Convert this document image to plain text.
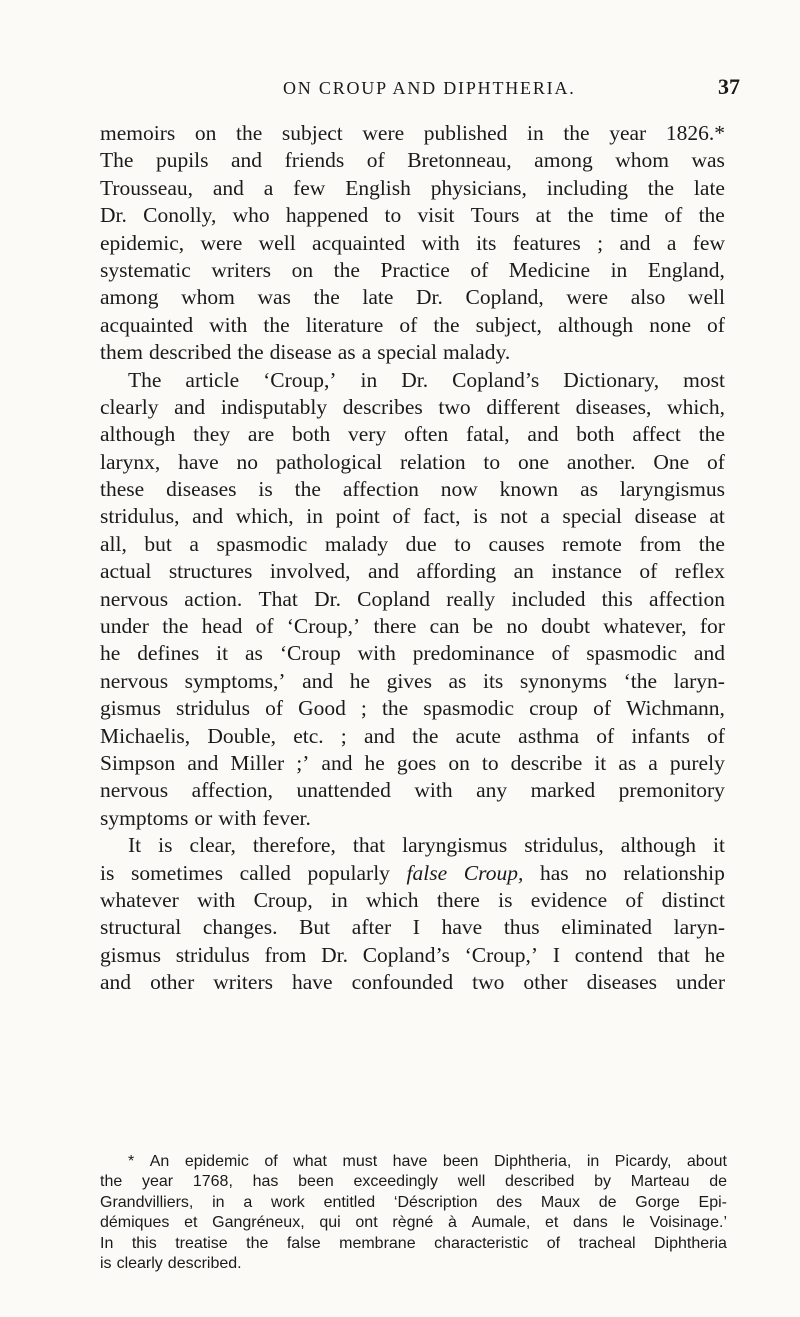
ON CROUP AND DIPHTHERIA.	37
memoirs on the subject were published in the year 1826.*
The pupils and friends of Bretonneau, among whom was
Trousseau, and a few English physicians, including the late
Dr. Conolly, who happened to visit Tours at the time of the
epidemic, were well acquainted with its features ; and a few
systematic writers on the Practice of Medicine in England,
among whom was the late Dr. Copland, were also well
acquainted with the literature of the subject, although none of
them described the disease as a special malady.
The article ‘Croup,’ in Dr. Copland’s Dictionary, most
clearly and indisputably describes two different diseases, which,
although they are both very often fatal, and both affect the
larynx, have no pathological relation to one another. One of
these diseases is the affection now known as laryngismus
stridulus, and which, in point of fact, is not a special disease at
all, but a spasmodic malady due to causes remote from the
actual structures involved, and affording an instance of reflex
nervous action. That Dr. Copland really included this affection
under the head of ‘Croup,’ there can be no doubt whatever, for
he defines it as ‘Croup with predominance of spasmodic and
nervous symptoms,’ and he gives as its synonyms ‘the laryn-
gismus stridulus of Good ; the spasmodic croup of Wichmann,
Michaelis, Double, etc. ; and the acute asthma of infants of
Simpson and Miller ;’ and he goes on to describe it as a purely
nervous affection, unattended with any marked premonitory
symptoms or with fever.
It is clear, therefore, that laryngismus stridulus, although it
is sometimes called popularly false Croup, has no relationship
whatever with Croup, in which there is evidence of distinct
structural changes. But after I have thus eliminated laryn-
gismus stridulus from Dr. Copland’s ‘Croup,’ I contend that he
and other writers have confounded two other diseases under
* An epidemic of what must have been Diphtheria, in Picardy, about
the year 1768, has been exceedingly well described by Marteau de
Grandvilliers, in a work entitled ‘Déscription des Maux de Gorge Epi-
démiques et Gangréneux, qui ont règné à Aumale, et dans le Voisinage.’
In this treatise the false membrane characteristic of tracheal Diphtheria
is clearly described.
